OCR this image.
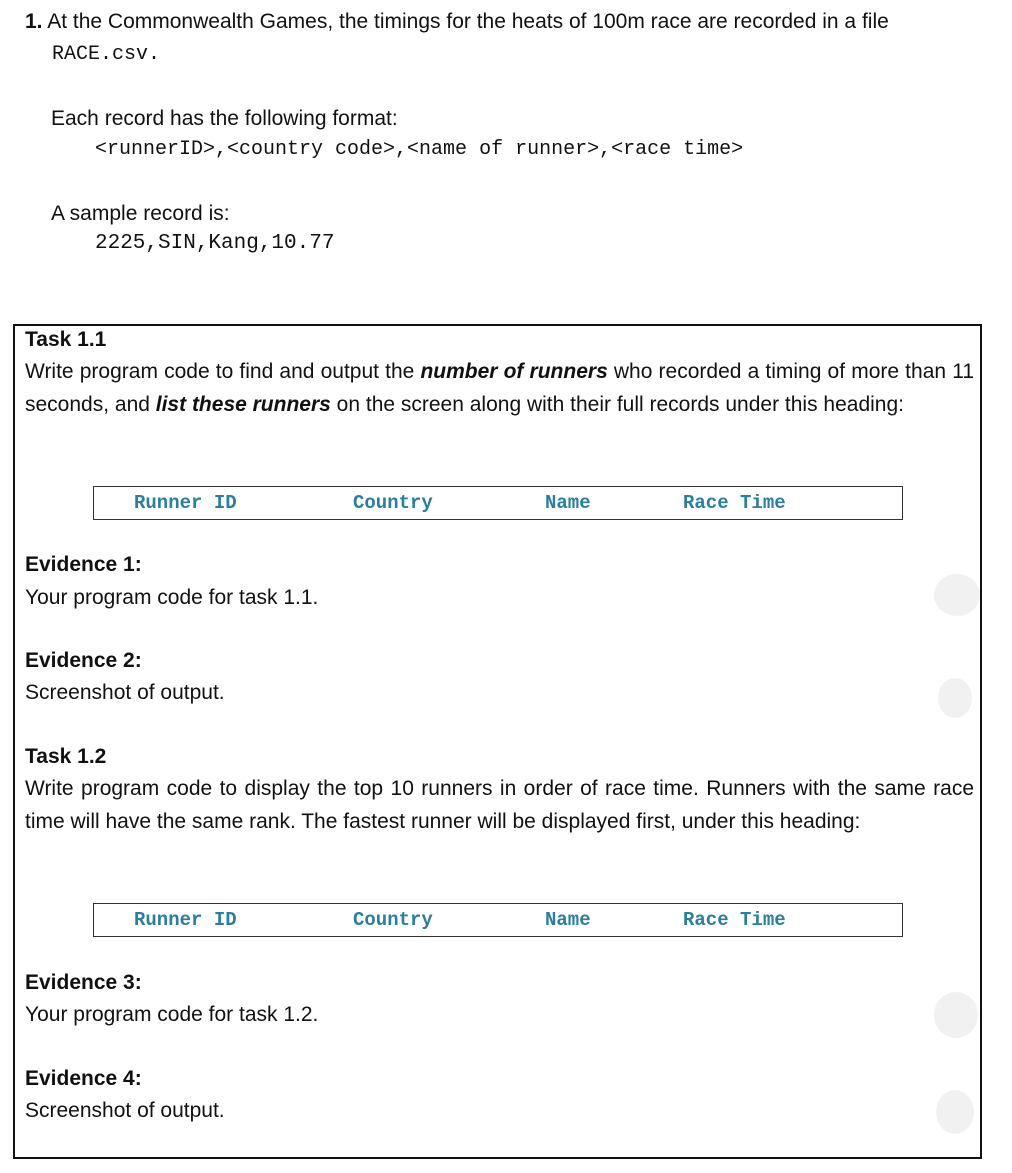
1. At the Commonwealth Games, the timings for the heats of 100m race are recorded in a file
RACE.csv.
Each record has the following format:
<runnerID>,<country code>,<name of runner>,<race time>
A sample record is:
2225,SIN,Kang,10.77
Task 1.1
Write program code to find and output the number of runners who recorded a timing of more than 11 seconds, and list these runners on the screen along with their full records under this heading:
Runner ID	Country	Name	Race Time
Evidence 1:
Your program code for task 1.1.
Evidence 2:
Screenshot of output.
Task 1.2
Write program code to display the top 10 runners in order of race time. Runners with the same race time will have the same rank. The fastest runner will be displayed first, under this heading:
Runner ID	Country	Name	Race Time
Evidence 3:
Your program code for task 1.2.
Evidence 4:
Screenshot of output.
